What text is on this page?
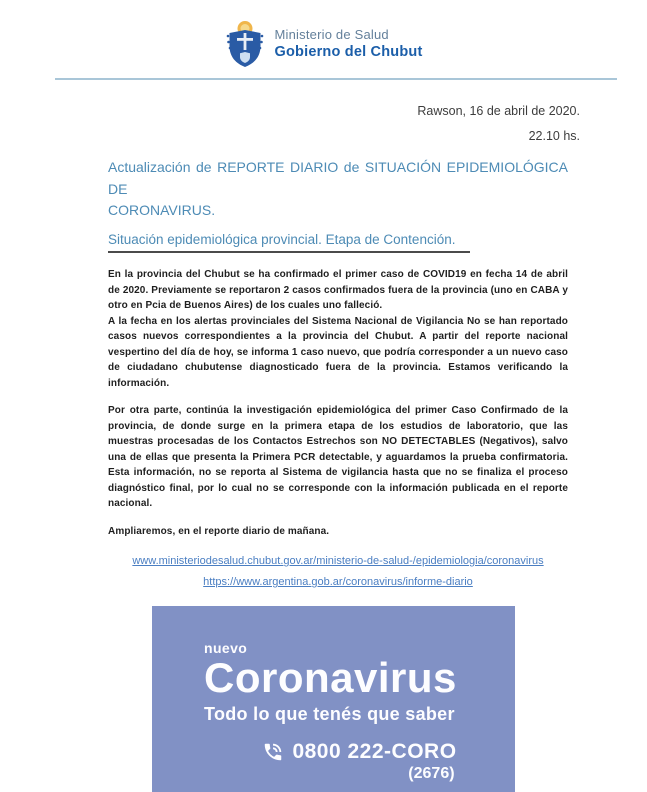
Ministerio de Salud
Gobierno del Chubut
Rawson, 16 de abril de 2020.
22.10 hs.
Actualización de REPORTE DIARIO de SITUACIÓN EPIDEMIOLÓGICA DE
CORONAVIRUS.
Situación epidemiológica provincial. Etapa de Contención.
En la provincia del Chubut se ha confirmado el primer caso de COVID19 en fecha 14 de abril de 2020. Previamente se reportaron 2 casos confirmados fuera de la provincia (uno en CABA y otro en Pcia de Buenos Aires) de los cuales uno falleció.
A la fecha en los alertas provinciales del Sistema Nacional de Vigilancia No se han reportado casos nuevos correspondientes a la provincia del Chubut. A partir del reporte nacional vespertino del día de hoy, se informa 1 caso nuevo, que podría corresponder a un nuevo caso de ciudadano chubutense diagnosticado fuera de la provincia. Estamos verificando la información.
Por otra parte, continúa la investigación epidemiológica del primer Caso Confirmado de la provincia, de donde surge en la primera etapa de los estudios de laboratorio, que las muestras procesadas de los Contactos Estrechos son NO DETECTABLES (Negativos), salvo una de ellas que presenta la Primera PCR detectable, y aguardamos la prueba confirmatoria. Esta información, no se reporta al Sistema de vigilancia hasta que no se finaliza el proceso diagnóstico final, por lo cual no se corresponde con la información publicada en el reporte nacional.
Ampliaremos, en el reporte diario de mañana.
www.ministeriodesalud.chubut.gov.ar/ministerio-de-salud-/epidemiologia/coronavirus
https://www.argentina.gob.ar/coronavirus/informe-diario
nuevo
Coronavirus
Todo lo que tenés que saber
0800 222-CORO
(2676)
